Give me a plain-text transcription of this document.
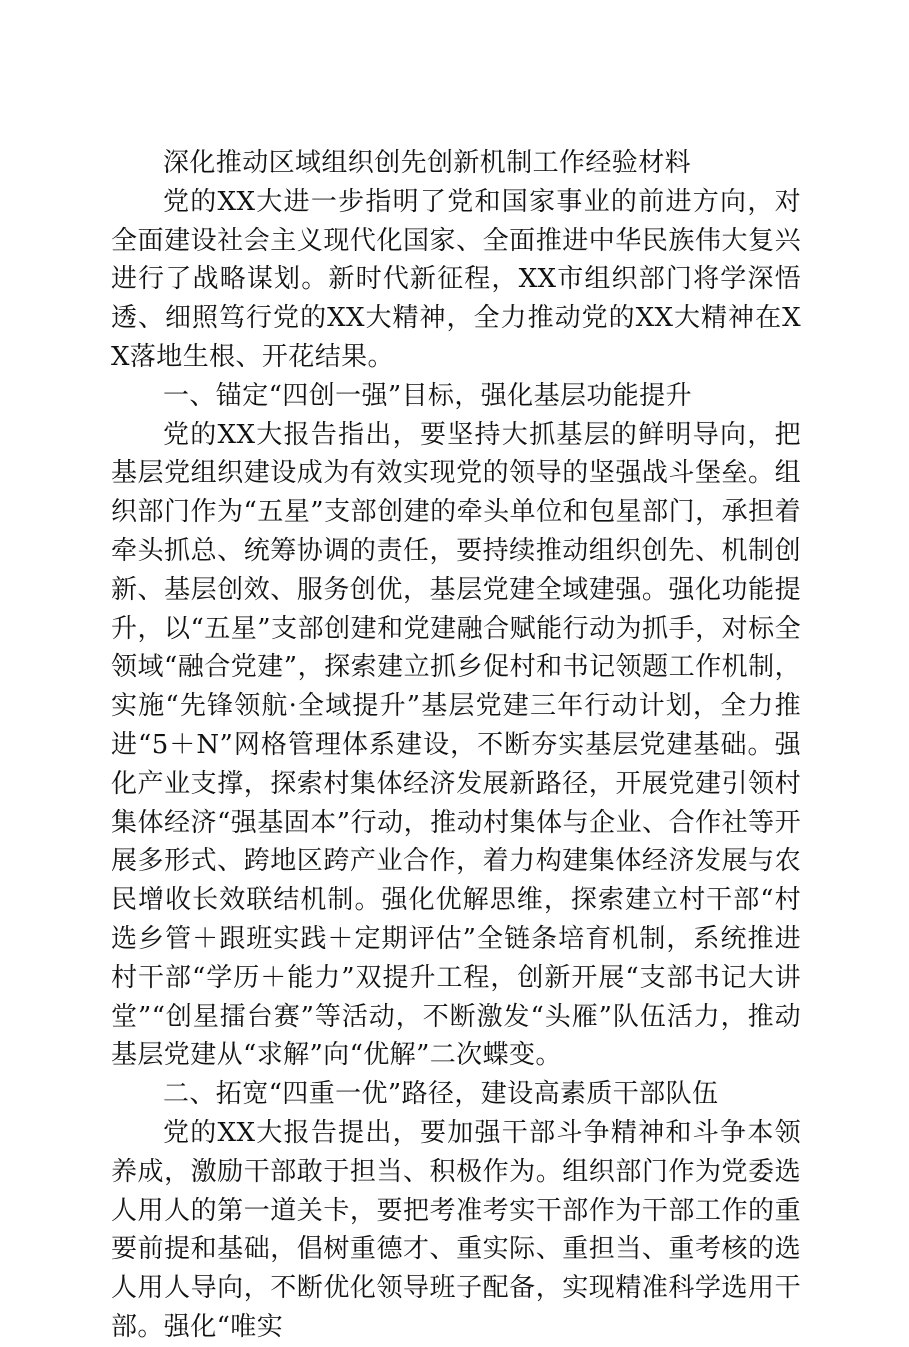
深化推动区域组织创先创新机制工作经验材料

党的XX大进一步指明了党和国家事业的前进方向，对全面建设社会主义现代化国家、全面推进中华民族伟大复兴进行了战略谋划。新时代新征程，XX市组织部门将学深悟透、细照笃行党的XX大精神，全力推动党的XX大精神在XX落地生根、开花结果。

一、锚定“四创一强”目标，强化基层功能提升

党的XX大报告指出，要坚持大抓基层的鲜明导向，把基层党组织建设成为有效实现党的领导的坚强战斗堡垒。组织部门作为“五星”支部创建的牵头单位和包星部门，承担着牵头抓总、统筹协调的责任，要持续推动组织创先、机制创新、基层创效、服务创优，基层党建全域建强。强化功能提升，以“五星”支部创建和党建融合赋能行动为抓手，对标全领域“融合党建”，探索建立抓乡促村和书记领题工作机制，实施“先锋领航·全域提升”基层党建三年行动计划，全力推进“5＋N”网格管理体系建设，不断夯实基层党建基础。强化产业支撑，探索村集体经济发展新路径，开展党建引领村集体经济“强基固本”行动，推动村集体与企业、合作社等开展多形式、跨地区跨产业合作，着力构建集体经济发展与农民增收长效联结机制。强化优解思维，探索建立村干部“村选乡管＋跟班实践＋定期评估”全链条培育机制，系统推进村干部“学历＋能力”双提升工程，创新开展“支部书记大讲堂”“创星擂台赛”等活动，不断激发“头雁”队伍活力，推动基层党建从“求解”向“优解”二次蝶变。

二、拓宽“四重一优”路径，建设高素质干部队伍

党的XX大报告提出，要加强干部斗争精神和斗争本领养成，激励干部敢于担当、积极作为。组织部门作为党委选人用人的第一道关卡，要把考准考实干部作为干部工作的重要前提和基础，倡树重德才、重实际、重担当、重考核的选人用人导向，不断优化领导班子配备，实现精准科学选用干部。强化“唯实
